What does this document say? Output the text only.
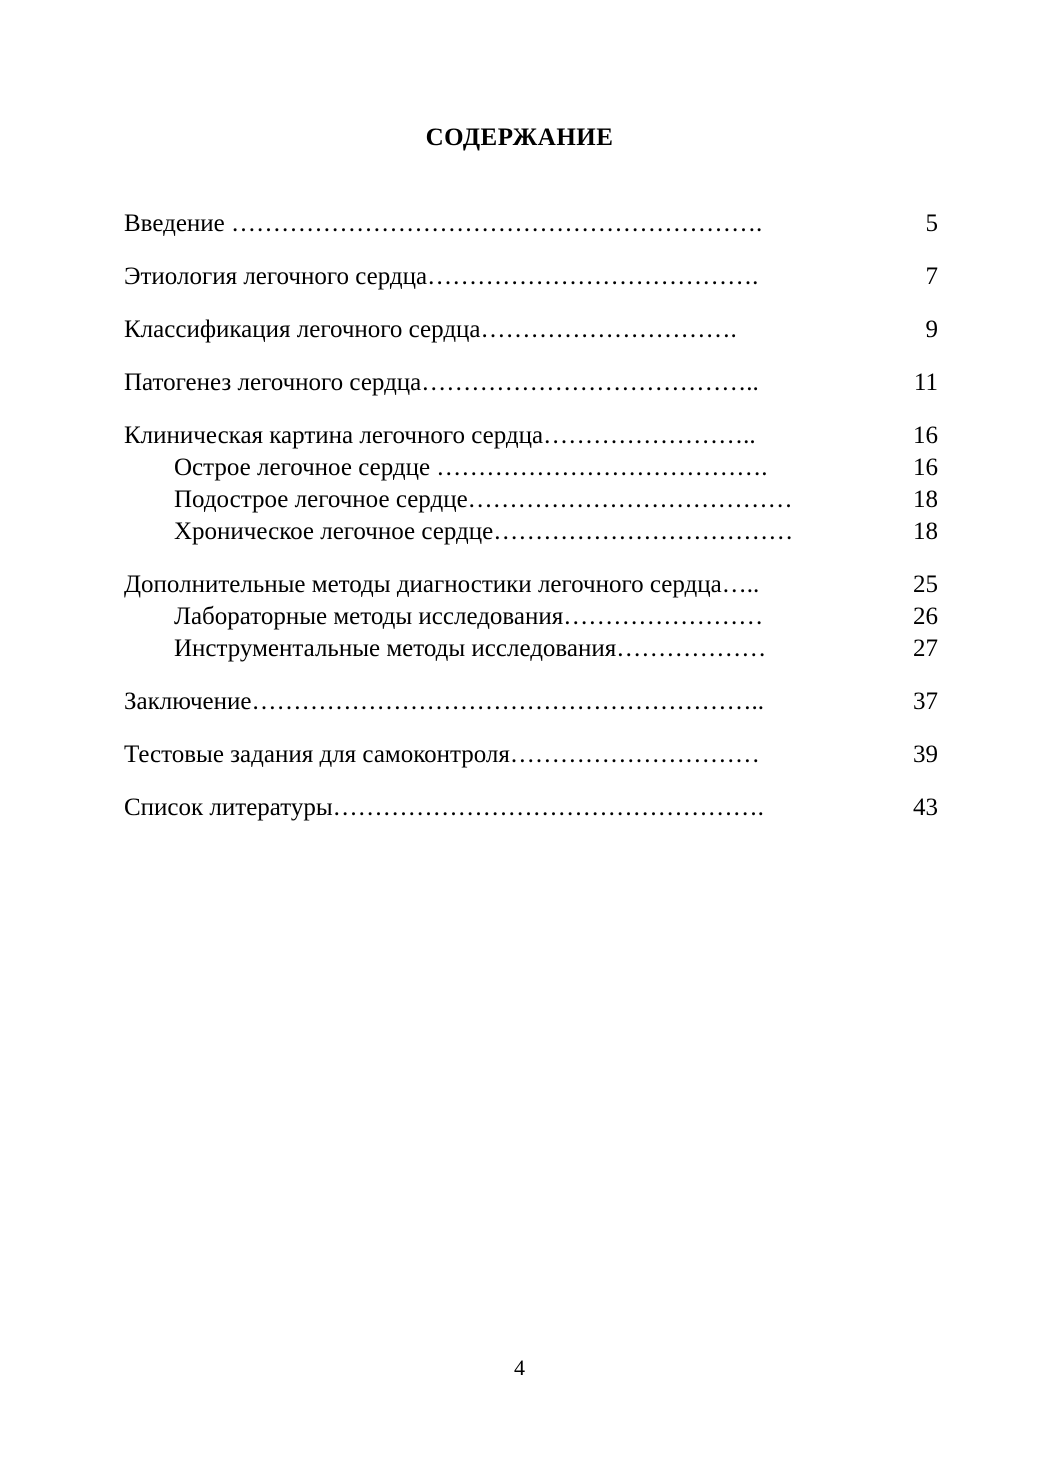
СОДЕРЖАНИЕ
Введение ……………………………………………………….	5
Этиология легочного сердца………………………………….	7
Классификация легочного сердца………………………….	9
Патогенез легочного сердца…………………………………..	11
Клиническая картина легочного сердца……………………..	16
Острое легочное сердце ………………………………….	16
Подострое легочное сердце…………………………………	18
Хроническое легочное сердце………………………………	18
Дополнительные методы диагностики легочного сердца…..	25
Лабораторные методы исследования……………………	26
Инструментальные методы исследования………………	27
Заключение……………………………………………………..	37
Тестовые задания для самоконтроля…………………………	39
Список литературы…………………………………………….	43
4
